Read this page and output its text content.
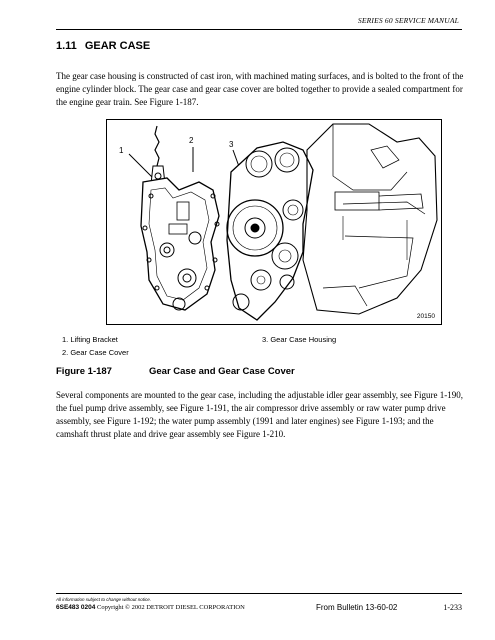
SERIES 60 SERVICE MANUAL
1.11 GEAR CASE
The gear case housing is constructed of cast iron, with machined mating surfaces, and is bolted to the front of the engine cylinder block. The gear case and gear case cover are bolted together to provide a sealed compartment for the engine gear train. See Figure 1-187.
1
2	3
20150
1. Lifting Bracket	3. Gear Case Housing
2. Gear Case Cover
Figure 1-187	Gear Case and Gear Case Cover
Several components are mounted to the gear case, including the adjustable idler gear assembly, see Figure 1-190, the fuel pump drive assembly, see Figure 1-191, the air compressor drive assembly or raw water pump drive assembly, see Figure 1-192; the water pump assembly (1991 and later engines) see Figure 1-193; and the camshaft thrust plate and drive gear assembly see Figure 1-210.
All information subject to change without notice.
6SE483 0204 Copyright © 2002 DETROIT DIESEL CORPORATION	From Bulletin 13-60-02	1-233
